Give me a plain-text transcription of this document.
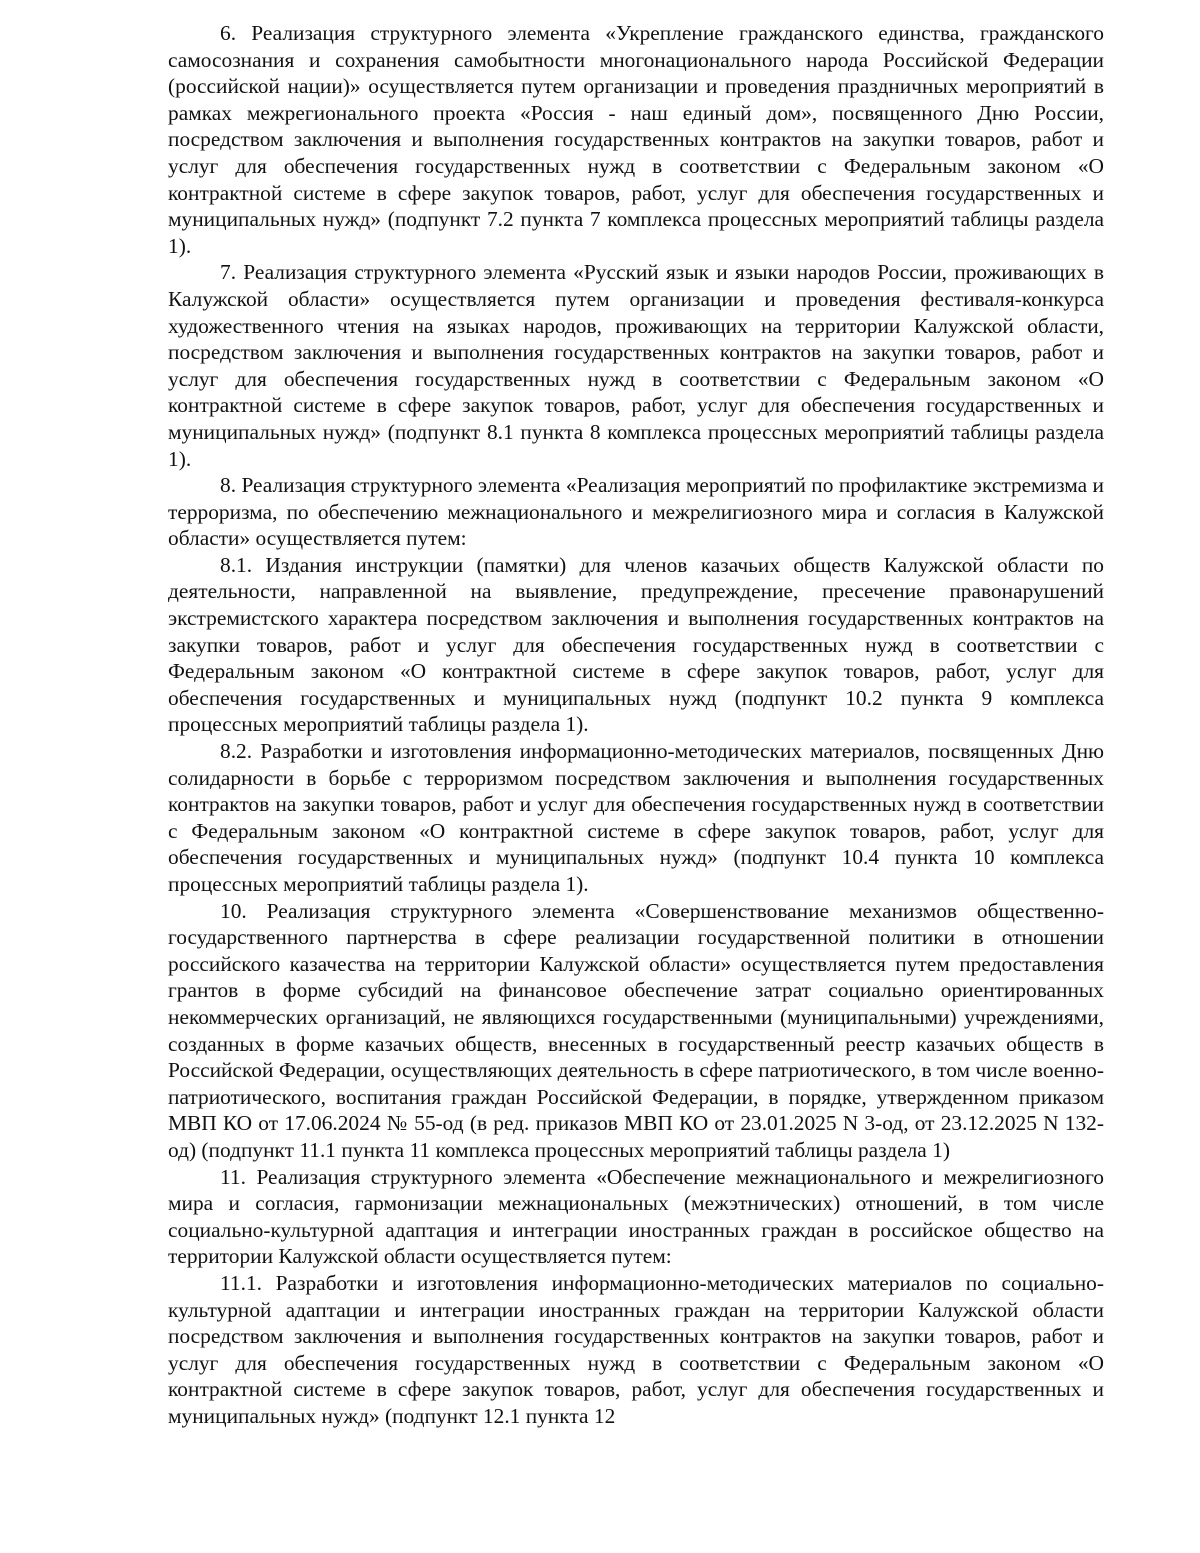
6. Реализация структурного элемента «Укрепление гражданского единства, гражданского самосознания и сохранения самобытности многонационального народа Российской Федерации (российской нации)» осуществляется путем организации и проведения праздничных мероприятий в рамках межрегионального проекта «Россия - наш единый дом», посвященного Дню России, посредством заключения и выполнения государственных контрактов на закупки товаров, работ и услуг для обеспечения государственных нужд в соответствии с Федеральным законом «О контрактной системе в сфере закупок товаров, работ, услуг для обеспечения государственных и муниципальных нужд» (подпункт 7.2 пункта 7 комплекса процессных мероприятий таблицы раздела 1).

7. Реализация структурного элемента «Русский язык и языки народов России, проживающих в Калужской области» осуществляется путем организации и проведения фестиваля-конкурса художественного чтения на языках народов, проживающих на территории Калужской области, посредством заключения и выполнения государственных контрактов на закупки товаров, работ и услуг для обеспечения государственных нужд в соответствии с Федеральным законом «О контрактной системе в сфере закупок товаров, работ, услуг для обеспечения государственных и муниципальных нужд» (подпункт 8.1 пункта 8 комплекса процессных мероприятий таблицы раздела 1).

8. Реализация структурного элемента «Реализация мероприятий по профилактике экстремизма и терроризма, по обеспечению межнационального и межрелигиозного мира и согласия в Калужской области» осуществляется путем:

8.1. Издания инструкции (памятки) для членов казачьих обществ Калужской области по деятельности, направленной на выявление, предупреждение, пресечение правонарушений экстремистского характера посредством заключения и выполнения государственных контрактов на закупки товаров, работ и услуг для обеспечения государственных нужд в соответствии с Федеральным законом «О контрактной системе в сфере закупок товаров, работ, услуг для обеспечения государственных и муниципальных нужд (подпункт 10.2 пункта 9 комплекса процессных мероприятий таблицы раздела 1).

8.2. Разработки и изготовления информационно-методических материалов, посвященных Дню солидарности в борьбе с терроризмом посредством заключения и выполнения государственных контрактов на закупки товаров, работ и услуг для обеспечения государственных нужд в соответствии с Федеральным законом «О контрактной системе в сфере закупок товаров, работ, услуг для обеспечения государственных и муниципальных нужд» (подпункт 10.4 пункта 10 комплекса процессных мероприятий таблицы раздела 1).

10. Реализация структурного элемента «Совершенствование механизмов общественно-государственного партнерства в сфере реализации государственной политики в отношении российского казачества на территории Калужской области» осуществляется путем предоставления грантов в форме субсидий на финансовое обеспечение затрат социально ориентированных некоммерческих организаций, не являющихся государственными (муниципальными) учреждениями, созданных в форме казачьих обществ, внесенных в государственный реестр казачьих обществ в Российской Федерации, осуществляющих деятельность в сфере патриотического, в том числе военно-патриотического, воспитания граждан Российской Федерации, в порядке, утвержденном приказом МВП КО от 17.06.2024 № 55-од (в ред. приказов МВП КО от 23.01.2025 N 3-од, от 23.12.2025 N 132-од) (подпункт 11.1 пункта 11 комплекса процессных мероприятий таблицы раздела 1)

11. Реализация структурного элемента «Обеспечение межнационального и межрелигиозного мира и согласия, гармонизации межнациональных (межэтнических) отношений, в том числе социально-культурной адаптация и интеграции иностранных граждан в российское общество на территории Калужской области осуществляется путем:

11.1. Разработки и изготовления информационно-методических материалов по социально-культурной адаптации и интеграции иностранных граждан на территории Калужской области посредством заключения и выполнения государственных контрактов на закупки товаров, работ и услуг для обеспечения государственных нужд в соответствии с Федеральным законом «О контрактной системе в сфере закупок товаров, работ, услуг для обеспечения государственных и муниципальных нужд» (подпункт 12.1 пункта 12
